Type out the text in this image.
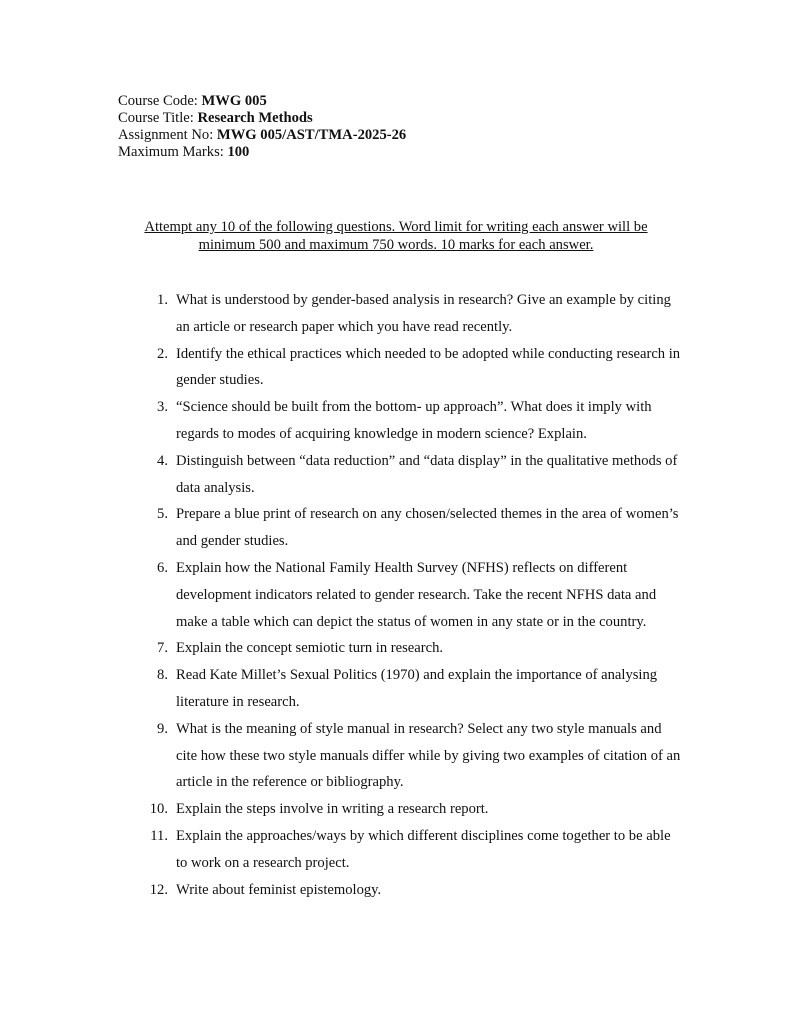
Course Code: MWG 005
Course Title: Research Methods
Assignment No: MWG 005/AST/TMA-2025-26
Maximum Marks: 100
Attempt any 10 of the following questions. Word limit for writing each answer will be
minimum 500 and maximum 750 words. 10 marks for each answer.
1. What is understood by gender-based analysis in research? Give an example by citing an article or research paper which you have read recently.
2. Identify the ethical practices which needed to be adopted while conducting research in gender studies.
3. “Science should be built from the bottom- up approach”. What does it imply with regards to modes of acquiring knowledge in modern science? Explain.
4. Distinguish between “data reduction” and “data display” in the qualitative methods of data analysis.
5. Prepare a blue print of research on any chosen/selected themes in the area of women’s and gender studies.
6. Explain how the National Family Health Survey (NFHS) reflects on different development indicators related to gender research. Take the recent NFHS data and make a table which can depict the status of women in any state or in the country.
7. Explain the concept semiotic turn in research.
8. Read Kate Millet’s Sexual Politics (1970) and explain the importance of analysing literature in research.
9. What is the meaning of style manual in research? Select any two style manuals and cite how these two style manuals differ while by giving two examples of citation of an article in the reference or bibliography.
10. Explain the steps involve in writing a research report.
11. Explain the approaches/ways by which different disciplines come together to be able to work on a research project.
12. Write about feminist epistemology.
